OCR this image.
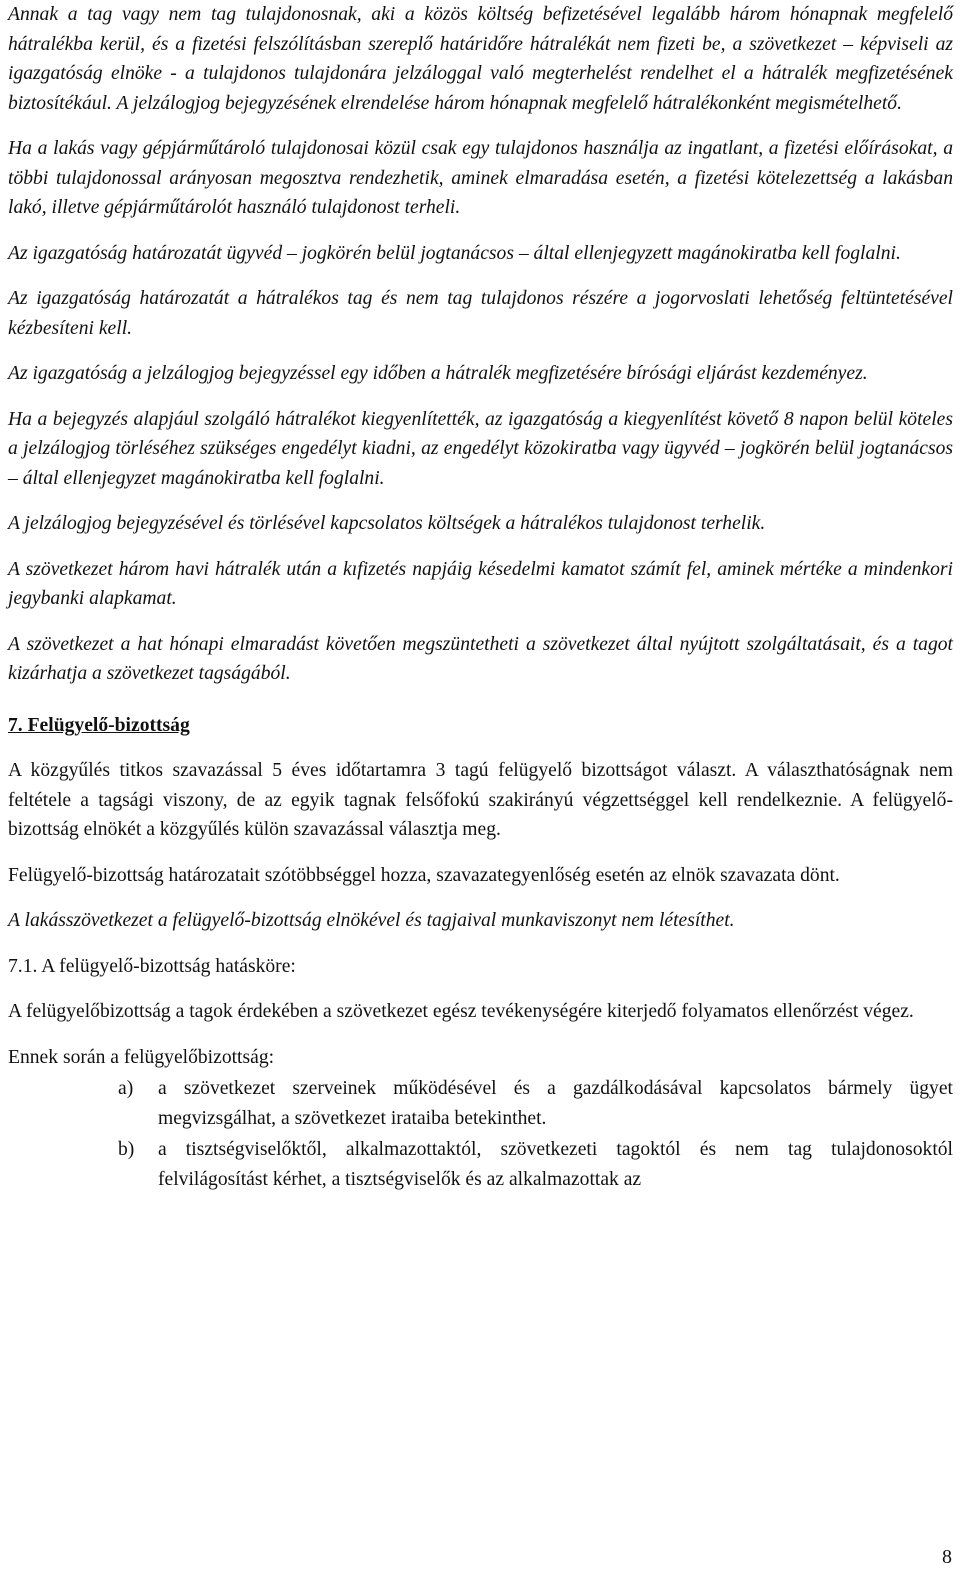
Annak a tag vagy nem tag tulajdonosnak, aki a közös költség befizetésével legalább három hónapnak megfelelő hátralékba kerül, és a fizetési felszólításban szereplő határidőre hátralékát nem fizeti be, a szövetkezet – képviseli az igazgatóság elnöke - a tulajdonos tulajdonára jelzáloggal való megterhelést rendelhet el a hátralék megfizetésének biztosítékául. A jelzálogjog bejegyzésének elrendelése három hónapnak megfelelő hátralékonként megismételhető.

Ha a lakás vagy gépjárműtároló tulajdonosai közül csak egy tulajdonos használja az ingatlant, a fizetési előírásokat, a többi tulajdonossal arányosan megosztva rendezhetik, aminek elmaradása esetén, a fizetési kötelezettség a lakásban lakó, illetve gépjárműtárolót használó tulajdonost terheli.

Az igazgatóság határozatát ügyvéd – jogkörén belül jogtanácsos – által ellenjegyzett magánokiratba kell foglalni.

Az igazgatóság határozatát a hátralékos tag és nem tag tulajdonos részére a jogorvoslati lehetőség feltüntetésével kézbesíteni kell.

Az igazgatóság a jelzálogjog bejegyzéssel egy időben a hátralék megfizetésére bírósági eljárást kezdeményez.

Ha a bejegyzés alapjául szolgáló hátralékot kiegyenlítették, az igazgatóság a kiegyenlítést követő 8 napon belül köteles a jelzálogjog törléséhez szükséges engedélyt kiadni, az engedélyt közokiratba vagy ügyvéd – jogkörén belül jogtanácsos – által ellenjegyzet magánokiratba kell foglalni.

A jelzálogjog bejegyzésével és törlésével kapcsolatos költségek a hátralékos tulajdonost terhelik.

A szövetkezet három havi hátralék után a kıfizetés napjáig késedelmi kamatot számít fel, aminek mértéke a mindenkori jegybanki alapkamat.

A szövetkezet a hat hónapi elmaradást követően megszüntetheti a szövetkezet által nyújtott szolgáltatásait, és a tagot kizárhatja a szövetkezet tagságából.

7. Felügyelő-bizottság

A közgyűlés titkos szavazással 5 éves időtartamra 3 tagú felügyelő bizottságot választ. A választhatóságnak nem feltétele a tagsági viszony, de az egyik tagnak felsőfokú szakirányú végzettséggel kell rendelkeznie. A felügyelő-bizottság elnökét a közgyűlés külön szavazással választja meg.

Felügyelő-bizottság határozatait szótöbbséggel hozza, szavazategyenlőség esetén az elnök szavazata dönt.

A lakásszövetkezet a felügyelő-bizottság elnökével és tagjaival munkaviszonyt nem létesíthet.

7.1. A felügyelő-bizottság hatásköre:

A felügyelőbizottság a tagok érdekében a szövetkezet egész tevékenységére kiterjedő folyamatos ellenőrzést végez.

Ennek során a felügyelőbizottság:

a)	a szövetkezet szerveinek működésével és a gazdálkodásával kapcsolatos bármely ügyet megvizsgálhat, a szövetkezet irataiba betekinthet.
b)	a tisztségviselőktől, alkalmazottaktól, szövetkezeti tagoktól és nem tag tulajdonosoktól felvilágosítást kérhet, a tisztségviselők és az alkalmazottak az
8
